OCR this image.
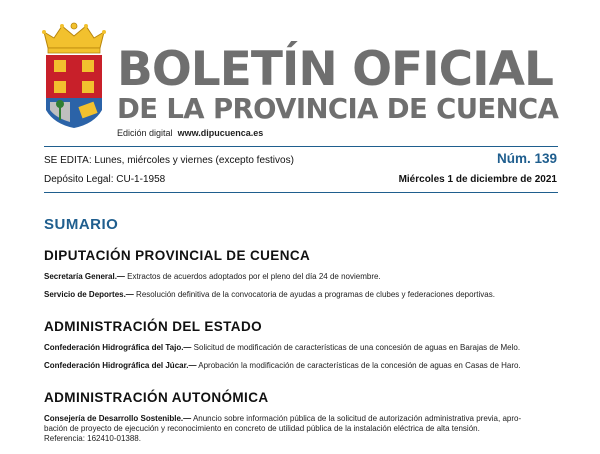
BOLETÍN OFICIAL
DE LA PROVINCIA DE CUENCA
Edición digital www.dipucuenca.es
SE EDITA: Lunes, miércoles y viernes (excepto festivos)
Depósito Legal: CU-1-1958
Núm. 139
Miércoles 1 de diciembre de 2021
SUMARIO
DIPUTACIÓN PROVINCIAL DE CUENCA
Secretaría General.— Extractos de acuerdos adoptados por el pleno del día 24 de noviembre.
Servicio de Deportes.— Resolución definitiva de la convocatoria de ayudas a programas de clubes y federaciones deportivas.
ADMINISTRACIÓN DEL ESTADO
Confederación Hidrográfica del Tajo.— Solicitud de modificación de características de una concesión de aguas en Barajas de Melo.
Confederación Hidrográfica del Júcar.— Aprobación la modificación de características de la concesión de aguas en Casas de Haro.
ADMINISTRACIÓN AUTONÓMICA
Consejería de Desarrollo Sostenible.— Anuncio sobre información pública de la solicitud de autorización administrativa previa, apro-
bación de proyecto de ejecución y reconocimiento en concreto de utilidad pública de la instalación eléctrica de alta tensión.
Referencia: 162410-01388.
